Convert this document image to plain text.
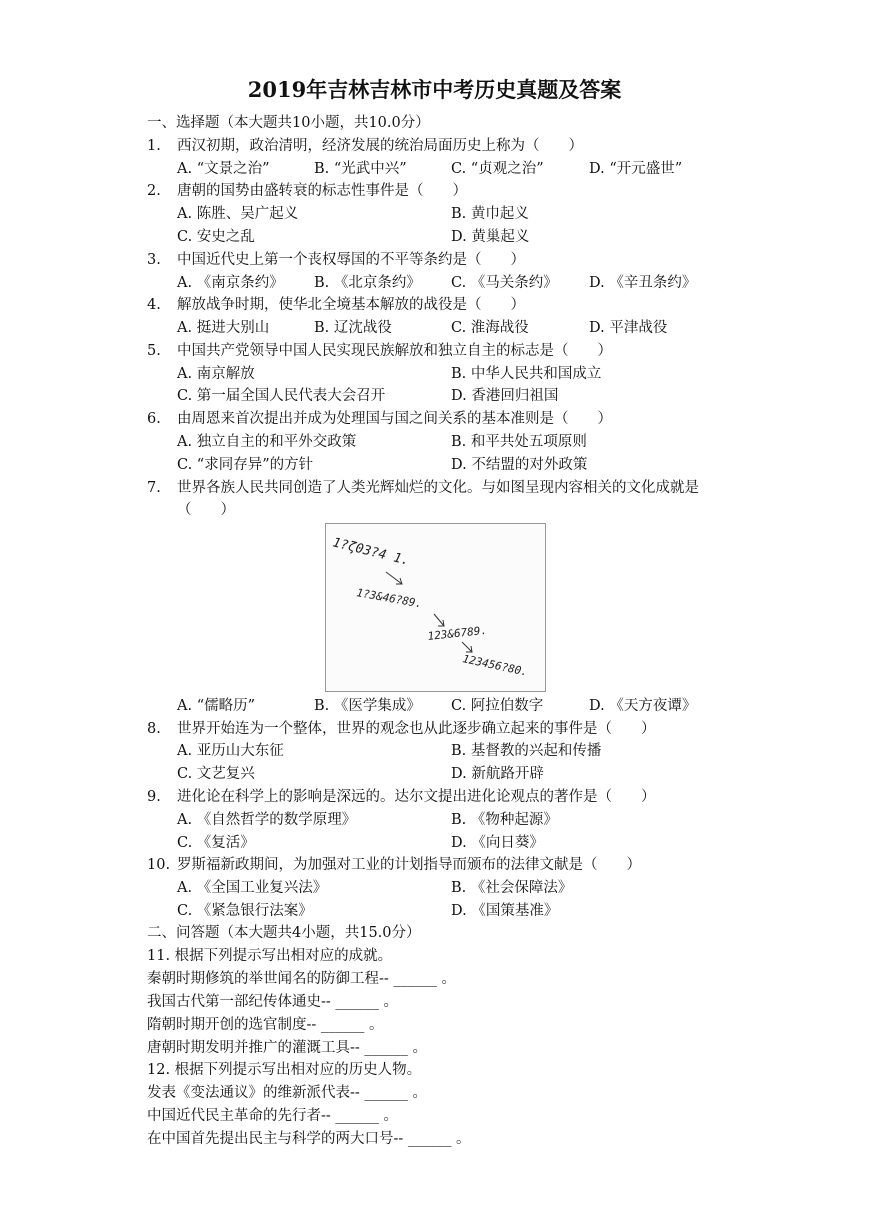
2019年吉林吉林市中考历史真题及答案
一、选择题（本大题共10小题，共10.0分）
1. 西汉初期，政治清明，经济发展的统治局面历史上称为（　　）
A. “文景之治”	B. “光武中兴”	C. “贞观之治”	D. “开元盛世”
2. 唐朝的国势由盛转衰的标志性事件是（　　）
A. 陈胜、吴广起义	B. 黄巾起义
C. 安史之乱	D. 黄巢起义
3. 中国近代史上第一个丧权辱国的不平等条约是（　　）
A. 《南京条约》 B. 《北京条约》 C. 《马关条约》 D. 《辛丑条约》
4. 解放战争时期，使华北全境基本解放的战役是（　　）
A. 挺进大别山	B. 辽沈战役	C. 淮海战役	D. 平津战役
5. 中国共产党领导中国人民实现民族解放和独立自主的标志是（　　）
A. 南京解放	B. 中华人民共和国成立
C. 第一届全国人民代表大会召开	D. 香港回归祖国
6. 由周恩来首次提出并成为处理国与国之间关系的基本准则是（　　）
A. 独立自主的和平外交政策	B. 和平共处五项原则
C. “求同存异”的方针	D. 不结盟的对外政策
7. 世界各族人民共同创造了人类光辉灿烂的文化。与如图呈现内容相关的文化成就是
（　　）
1?ζ03?4 1.
1?3&46?89.
123&6789.
123456?80.
A. “儒略历”	B. 《医学集成》 C. 阿拉伯数字	D. 《天方夜谭》
8. 世界开始连为一个整体，世界的观念也从此逐步确立起来的事件是（　　）
A. 亚历山大东征	B. 基督教的兴起和传播
C. 文艺复兴	D. 新航路开辟
9. 进化论在科学上的影响是深远的。达尔文提出进化论观点的著作是（　　）
A. 《自然哲学的数学原理》	B. 《物种起源》
C. 《复活》	D. 《向日葵》
10. 罗斯福新政期间，为加强对工业的计划指导而颁布的法律文献是（　　）
A. 《全国工业复兴法》	B. 《社会保障法》
C. 《紧急银行法案》	D. 《国策基准》
二、问答题（本大题共4小题，共15.0分）
11. 根据下列提示写出相对应的成就。
秦朝时期修筑的举世闻名的防御工程-- ______ 。
我国古代第一部纪传体通史-- ______ 。
隋朝时期开创的选官制度-- ______ 。
唐朝时期发明并推广的灌溉工具-- ______ 。
12. 根据下列提示写出相对应的历史人物。
发表《变法通议》的维新派代表-- ______ 。
中国近代民主革命的先行者-- ______ 。
在中国首先提出民主与科学的两大口号-- ______ 。
